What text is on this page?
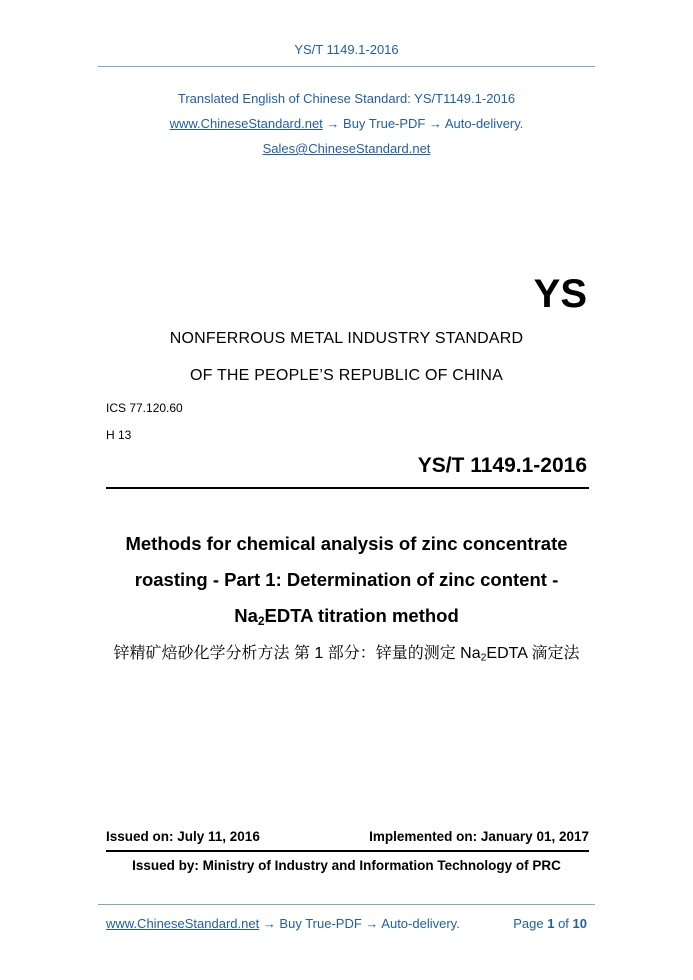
YS/T 1149.1-2016
Translated English of Chinese Standard: YS/T1149.1-2016
www.ChineseStandard.net → Buy True-PDF → Auto-delivery.
Sales@ChineseStandard.net
YS
NONFERROUS METAL INDUSTRY STANDARD
OF THE PEOPLE’S REPUBLIC OF CHINA
ICS 77.120.60
H 13
YS/T 1149.1-2016
Methods for chemical analysis of zinc concentrate
roasting - Part 1: Determination of zinc content -
$Na_2EDTA$ titration method
锌精矿焙砂化学分析方法 第 1 部分：锌量的测定 $Na_2EDTA$ 滴定法
Issued on: July 11, 2016	Implemented on: January 01, 2017
Issued by: Ministry of Industry and Information Technology of PRC
www.ChineseStandard.net → Buy True-PDF → Auto-delivery.	Page 1 of 10
